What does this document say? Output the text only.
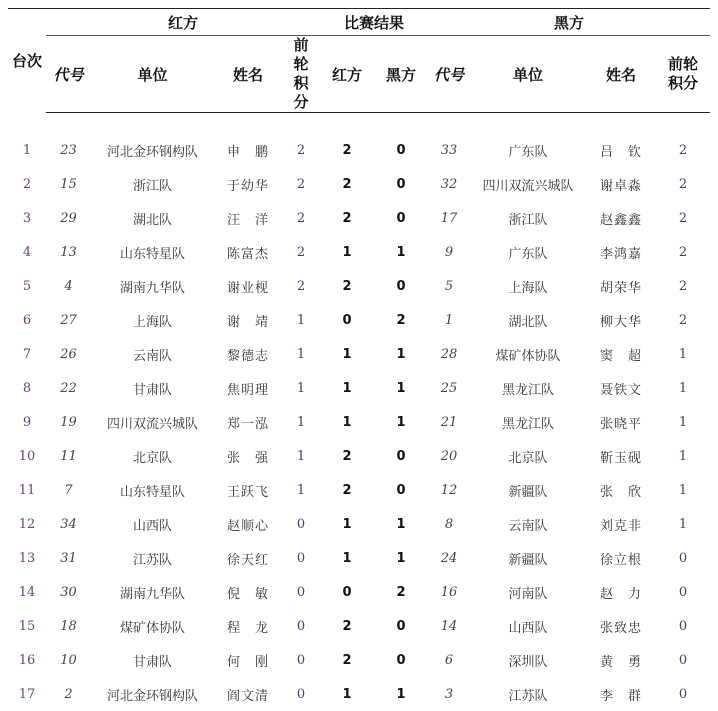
台次	红方				比赛结果		黑方			
	代号	单位	姓名	前轮积分	红方	黑方	代号	单位	姓名	前轮积分

1	23	河北金环钢构队	申　鹏	2	2	0	33	广东队	吕　钦	2
2	15	浙江队	于幼华	2	2	0	32	四川双流兴城队	谢卓淼	2
3	29	湖北队	汪　洋	2	2	0	17	浙江队	赵鑫鑫	2
4	13	山东特星队	陈富杰	2	1	1	9	广东队	李鸿嘉	2
5	4	湖南九华队	谢业枧	2	2	0	5	上海队	胡荣华	2
6	27	上海队	谢　靖	1	0	2	1	湖北队	柳大华	2
7	26	云南队	黎德志	1	1	1	28	煤矿体协队	窦　超	1
8	22	甘肃队	焦明理	1	1	1	25	黑龙江队	聂铁文	1
9	19	四川双流兴城队	郑一泓	1	1	1	21	黑龙江队	张晓平	1
10	11	北京队	张　强	1	2	0	20	北京队	靳玉砚	1
11	7	山东特星队	王跃飞	1	2	0	12	新疆队	张　欣	1
12	34	山西队	赵顺心	0	1	1	8	云南队	刘克非	1
13	31	江苏队	徐天红	0	1	1	24	新疆队	徐立根	0
14	30	湖南九华队	倪　敏	0	0	2	16	河南队	赵　力	0
15	18	煤矿体协队	程　龙	0	2	0	14	山西队	张致忠	0
16	10	甘肃队	何　刚	0	2	0	6	深圳队	黄　勇	0
17	2	河北金环钢构队	阎文清	0	1	1	3	江苏队	李　群	0
